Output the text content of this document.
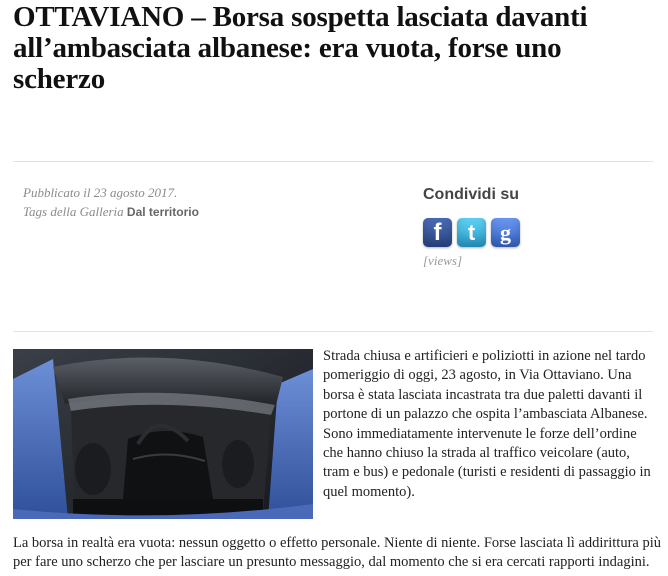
OTTAVIANO – Borsa sospetta lasciata davanti all’ambasciata albanese: era vuota, forse uno scherzo
Pubblicato il 23 agosto 2017.
Tags della Galleria Dal territorio
Condividi su
f t g
[views]

Strada chiusa e artificieri e poliziotti in azione nel tardo pomeriggio di oggi, 23 agosto, in Via Ottaviano. Una borsa è stata lasciata incastrata tra due paletti davanti il portone di un palazzo che ospita l’ambasciata Albanese. Sono immediatamente intervenute le forze dell’ordine che hanno chiuso la strada al traffico veicolare (auto, tram e bus) e pedonale (turisti e residenti di passaggio in quel momento).

La borsa in realtà era vuota: nessun oggetto o effetto personale. Niente di niente. Forse lasciata lì addirittura più per fare uno scherzo che per lasciare un presunto messaggio, dal momento che si era cercati rapporti indagini.
